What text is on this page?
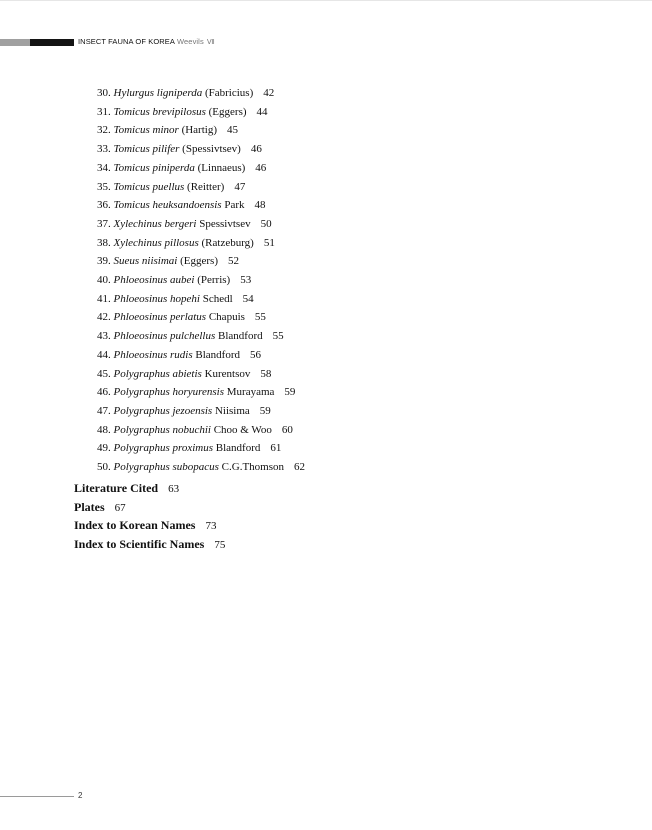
INSECT FAUNA OF KOREA Weevils Ⅶ
30. Hylurgus ligniperda (Fabricius) 42
31. Tomicus brevipilosus (Eggers) 44
32. Tomicus minor (Hartig) 45
33. Tomicus pilifer (Spessivtsev) 46
34. Tomicus piniperda (Linnaeus) 46
35. Tomicus puellus (Reitter) 47
36. Tomicus heuksandoensis Park 48
37. Xylechinus bergeri Spessivtsev 50
38. Xylechinus pillosus (Ratzeburg) 51
39. Sueus niisimai (Eggers) 52
40. Phloeosinus aubei (Perris) 53
41. Phloeosinus hopehi Schedl 54
42. Phloeosinus perlatus Chapuis 55
43. Phloeosinus pulchellus Blandford 55
44. Phloeosinus rudis Blandford 56
45. Polygraphus abietis Kurentsov 58
46. Polygraphus horyurensis Murayama 59
47. Polygraphus jezoensis Niisima 59
48. Polygraphus nobuchii Choo & Woo 60
49. Polygraphus proximus Blandford 61
50. Polygraphus subopacus C.G.Thomson 62
Literature Cited 63
Plates 67
Index to Korean Names 73
Index to Scientific Names 75
2
